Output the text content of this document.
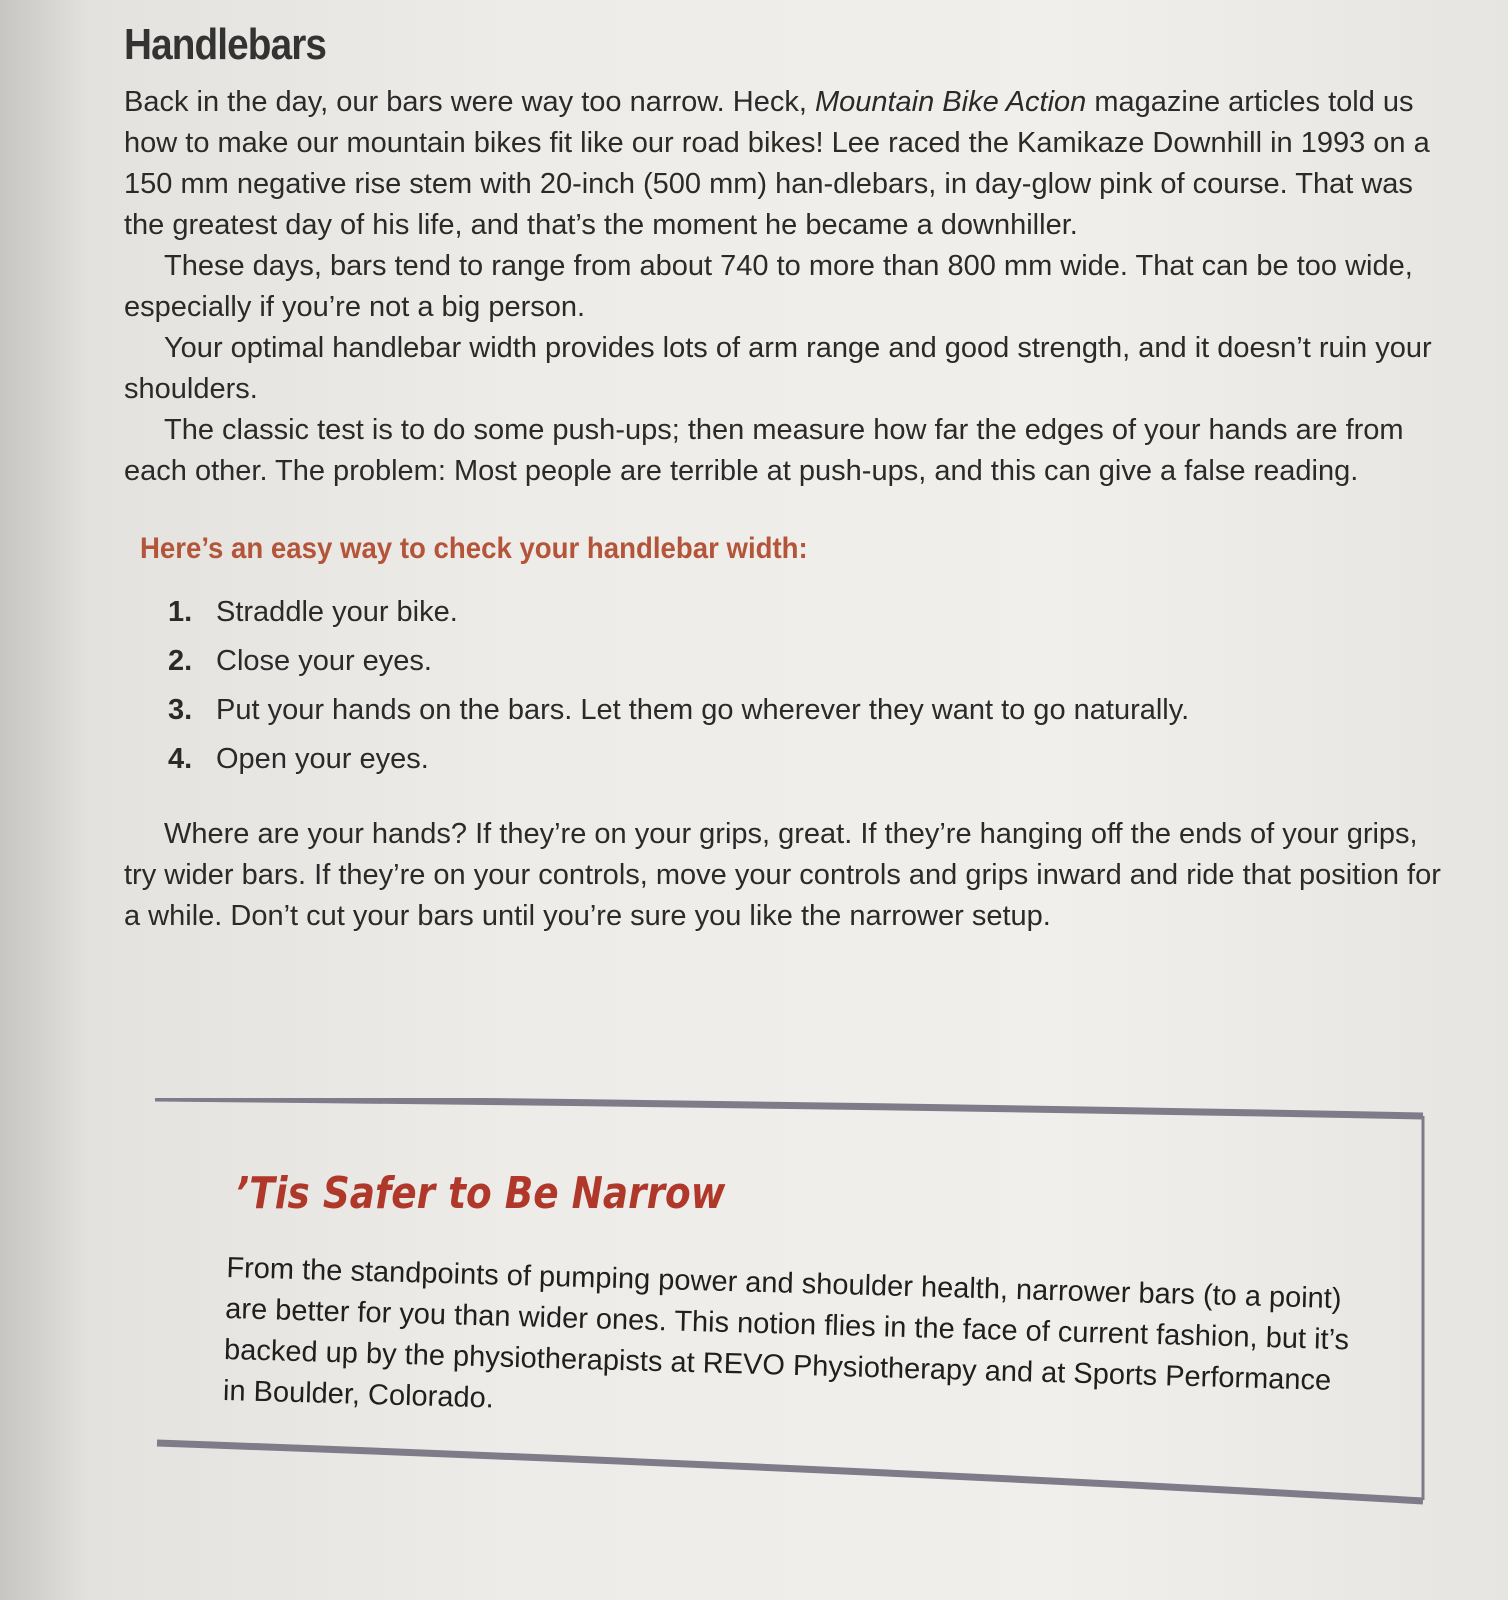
Handlebars

Back in the day, our bars were way too narrow. Heck, Mountain Bike Action magazine articles told us how to make our mountain bikes fit like our road bikes! Lee raced the Kamikaze Downhill in 1993 on a 150 mm negative rise stem with 20-inch (500 mm) han-dlebars, in day-glow pink of course. That was the greatest day of his life, and that’s the moment he became a downhiller.

These days, bars tend to range from about 740 to more than 800 mm wide. That can be too wide, especially if you’re not a big person.

Your optimal handlebar width provides lots of arm range and good strength, and it doesn’t ruin your shoulders.

The classic test is to do some push-ups; then measure how far the edges of your hands are from each other. The problem: Most people are terrible at push-ups, and this can give a false reading.

Here’s an easy way to check your handlebar width:
1. Straddle your bike.
2. Close your eyes.
3. Put your hands on the bars. Let them go wherever they want to go naturally.
4. Open your eyes.

Where are your hands? If they’re on your grips, great. If they’re hanging off the ends of your grips, try wider bars. If they’re on your controls, move your controls and grips inward and ride that position for a while. Don’t cut your bars until you’re sure you like the narrower setup.

’Tis Safer to Be Narrow
From the standpoints of pumping power and shoulder health, narrower bars (to a point) are better for you than wider ones. This notion flies in the face of current fashion, but it’s backed up by the physiotherapists at REVO Physiotherapy and at Sports Performance in Boulder, Colorado.
